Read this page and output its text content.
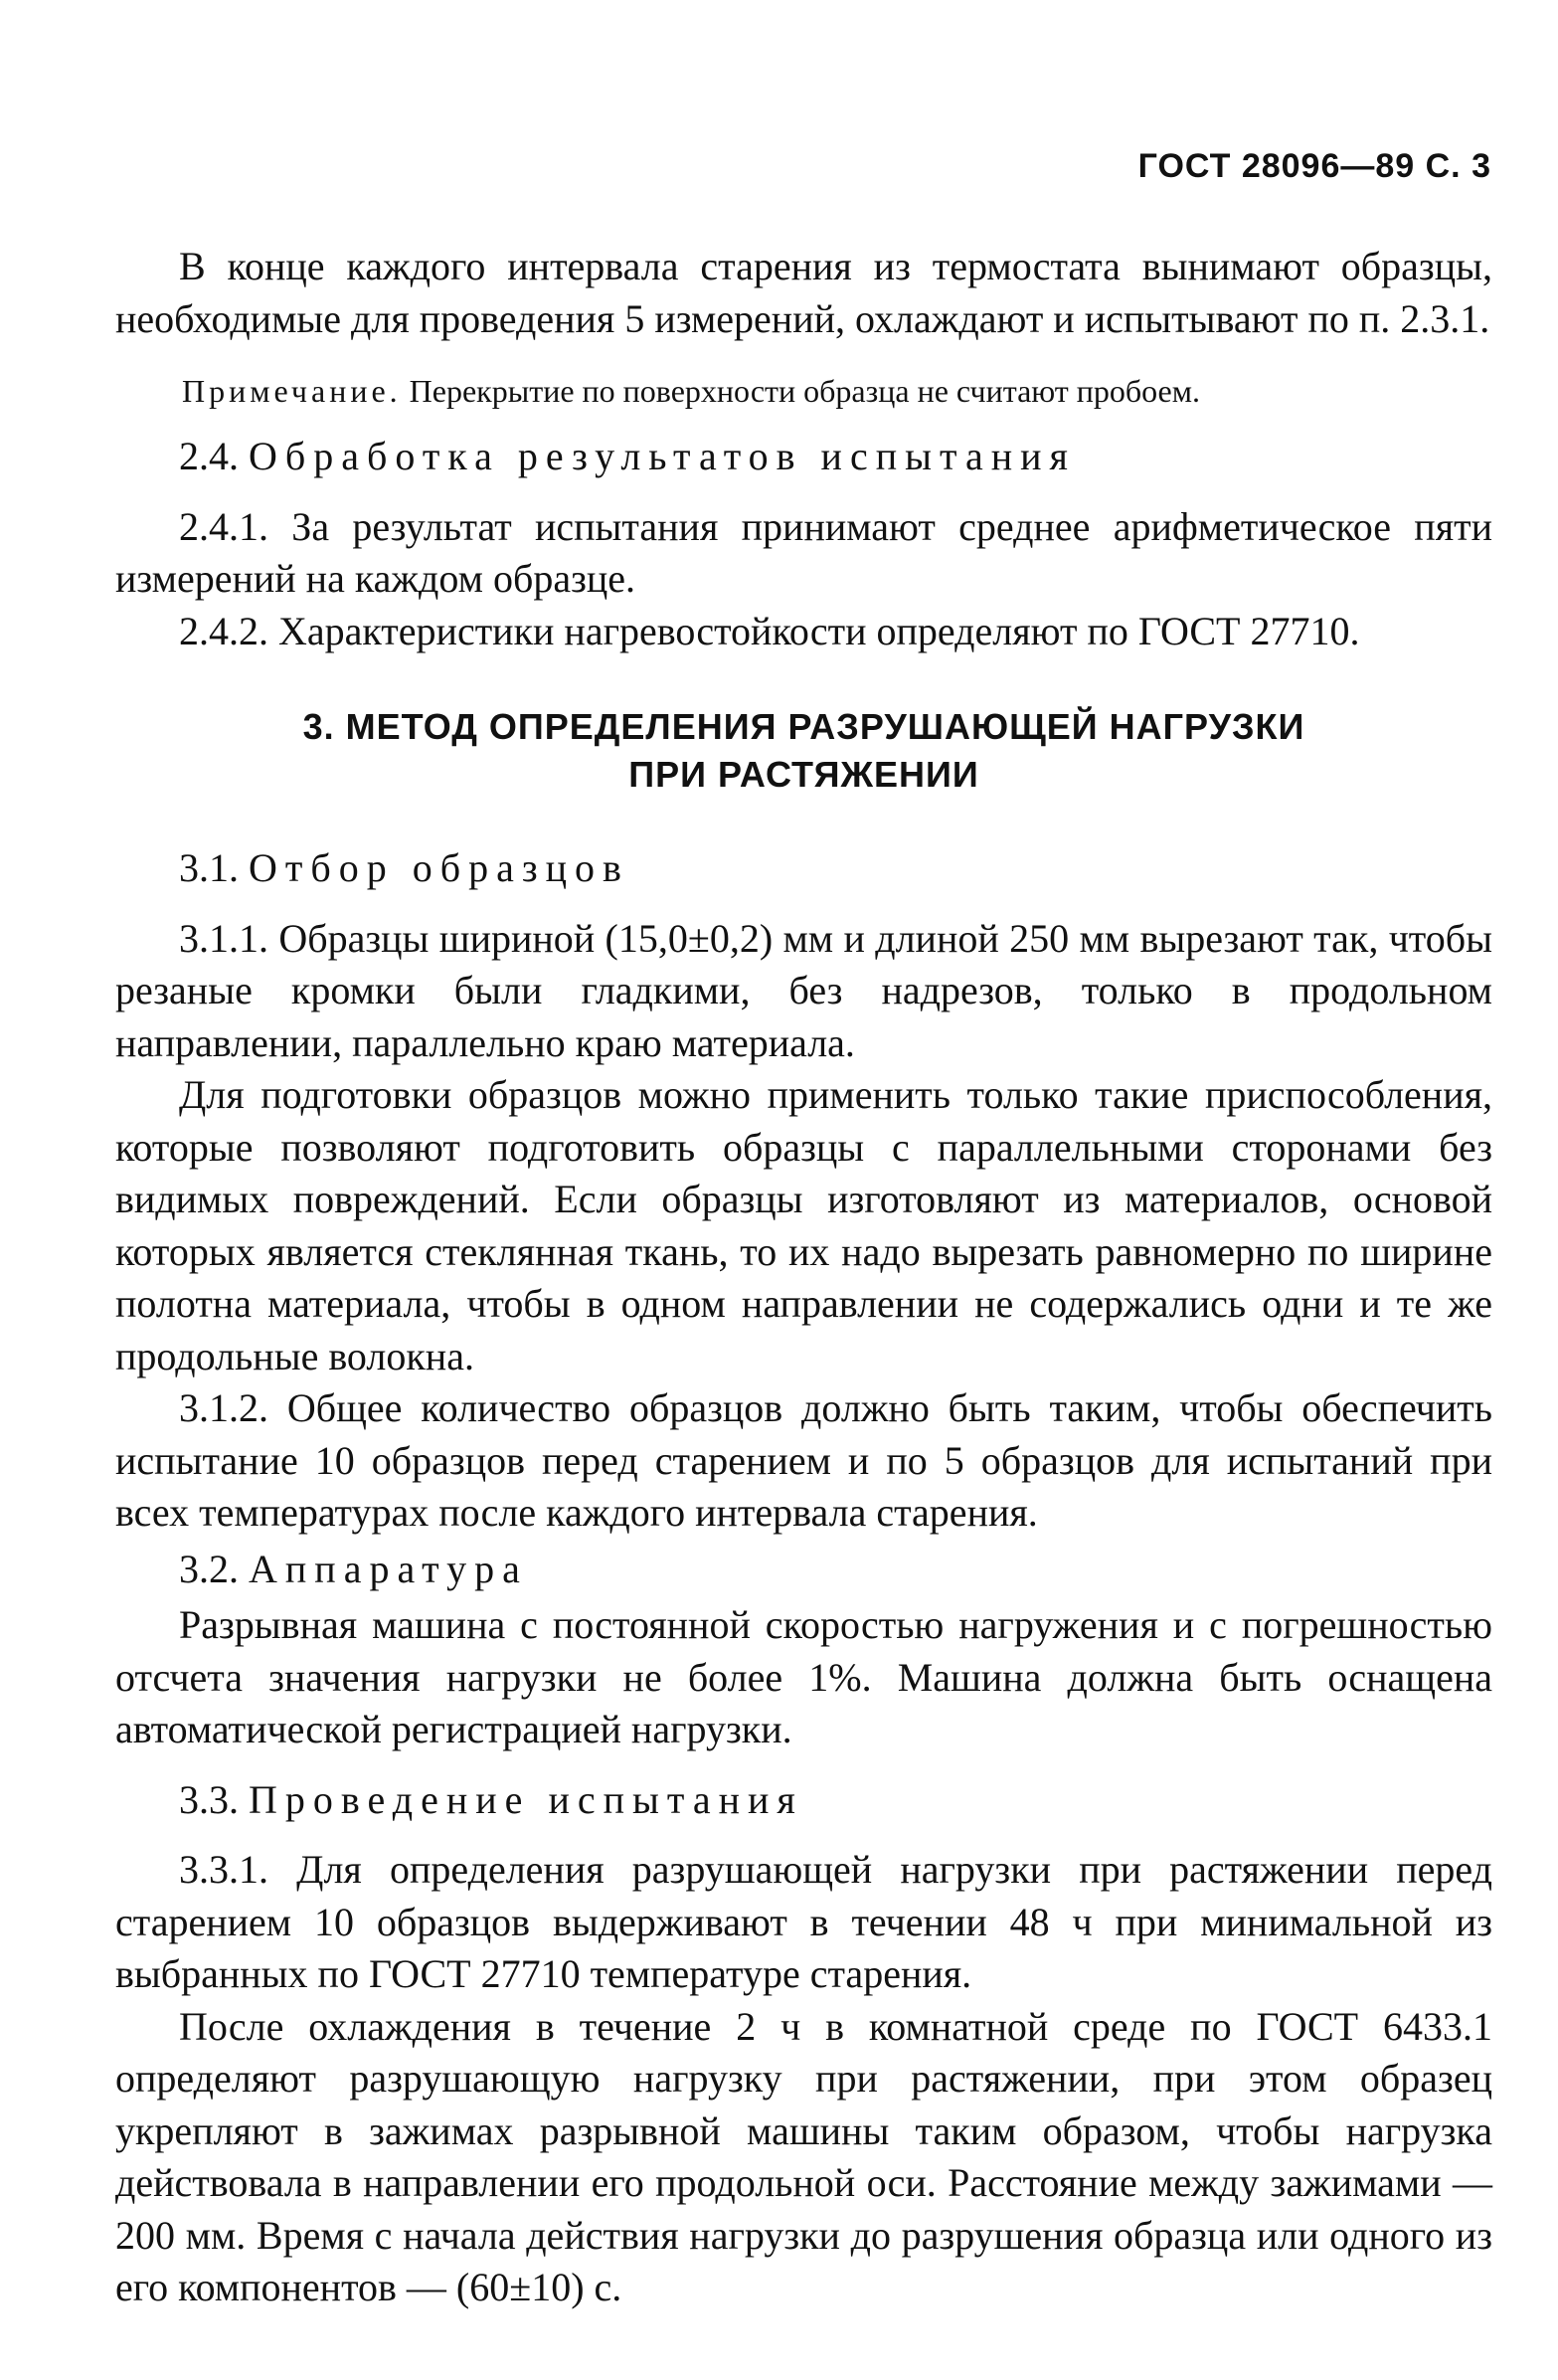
ГОСТ 28096—89 С. 3

В конце каждого интервала старения из термостата вынимают образцы, необходимые для проведения 5 измерений, охлаждают и испытывают по п. 2.3.1.

Примечание. Перекрытие по поверхности образца не считают пробоем.

2.4. Обработка результатов испытания

2.4.1. За результат испытания принимают среднее арифметическое пяти измерений на каждом образце.

2.4.2. Характеристики нагревостойкости определяют по ГОСТ 27710.

3. МЕТОД ОПРЕДЕЛЕНИЯ РАЗРУШАЮЩЕЙ НАГРУЗКИ
ПРИ РАСТЯЖЕНИИ

3.1. Отбор образцов

3.1.1. Образцы шириной (15,0±0,2) мм и длиной 250 мм вырезают так, чтобы резаные кромки были гладкими, без надрезов, только в продольном направлении, параллельно краю материала.

Для подготовки образцов можно применить только такие приспособления, которые позволяют подготовить образцы с параллельными сторонами без видимых повреждений. Если образцы изготовляют из материалов, основой которых является стеклянная ткань, то их надо вырезать равномерно по ширине полотна материала, чтобы в одном направлении не содержались одни и те же продольные волокна.

3.1.2. Общее количество образцов должно быть таким, чтобы обеспечить испытание 10 образцов перед старением и по 5 образцов для испытаний при всех температурах после каждого интервала старения.

3.2. Аппаратура

Разрывная машина с постоянной скоростью нагружения и с погрешностью отсчета значения нагрузки не более 1%. Машина должна быть оснащена автоматической регистрацией нагрузки.

3.3. Проведение испытания

3.3.1. Для определения разрушающей нагрузки при растяжении перед старением 10 образцов выдерживают в течении 48 ч при минимальной из выбранных по ГОСТ 27710 температуре старения.

После охлаждения в течение 2 ч в комнатной среде по ГОСТ 6433.1 определяют разрушающую нагрузку при растяжении, при этом образец укрепляют в зажимах разрывной машины таким образом, чтобы нагрузка действовала в направлении его продольной оси. Расстояние между зажимами — 200 мм. Время с начала действия нагрузки до разрушения образца или одного из его компонентов — (60±10) с.
